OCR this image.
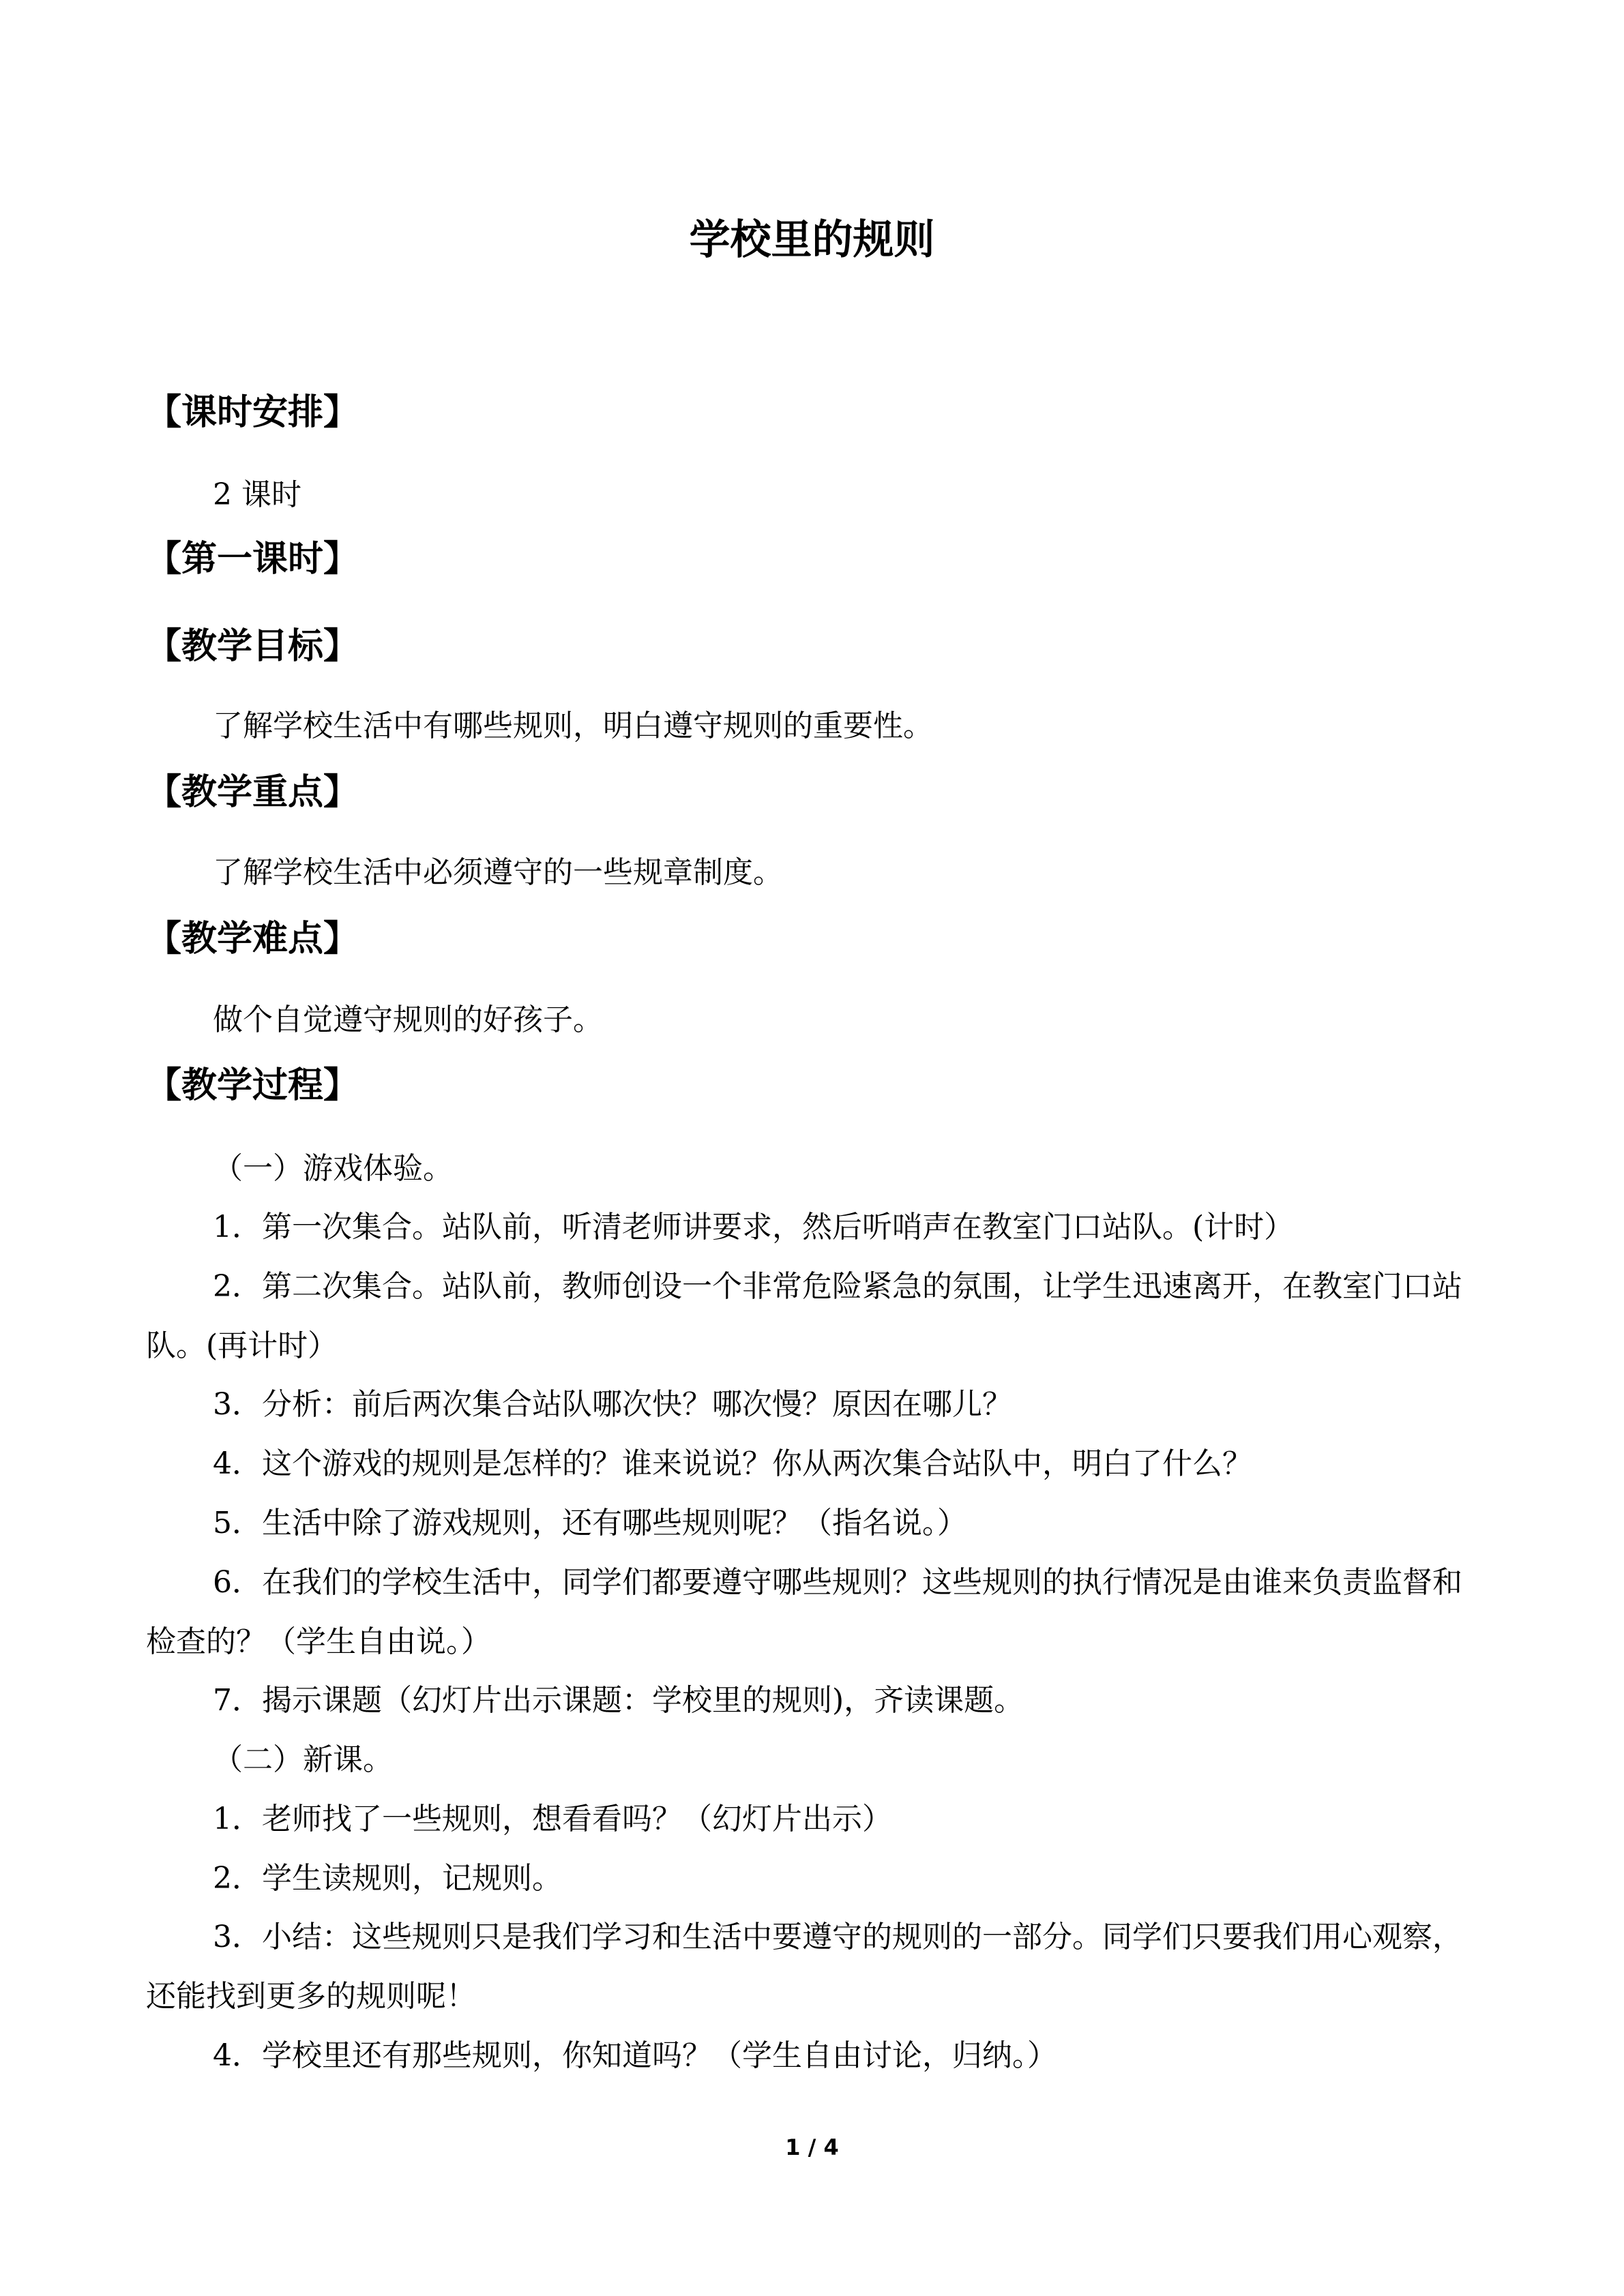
学校里的规则
【课时安排】
2 课时
【第一课时】
【教学目标】
了解学校生活中有哪些规则，明白遵守规则的重要性。
【教学重点】
了解学校生活中必须遵守的一些规章制度。
【教学难点】
做个自觉遵守规则的好孩子。
【教学过程】
（一）游戏体验。
1．第一次集合。站队前，听清老师讲要求，然后听哨声在教室门口站队。(计时）
2．第二次集合。站队前，教师创设一个非常危险紧急的氛围，让学生迅速离开，在教室门口站队。(再计时）
3．分析：前后两次集合站队哪次快？哪次慢？原因在哪儿？
4．这个游戏的规则是怎样的？谁来说说？你从两次集合站队中，明白了什么？
5．生活中除了游戏规则，还有哪些规则呢？（指名说。）
6．在我们的学校生活中，同学们都要遵守哪些规则？这些规则的执行情况是由谁来负责监督和检查的？（学生自由说。）
7．揭示课题（幻灯片出示课题：学校里的规则)，齐读课题。
（二）新课。
1．老师找了一些规则，想看看吗？（幻灯片出示）
2．学生读规则，记规则。
3．小结：这些规则只是我们学习和生活中要遵守的规则的一部分。同学们只要我们用心观察，还能找到更多的规则呢！
4．学校里还有那些规则，你知道吗？（学生自由讨论，归纳。）
1 / 4
